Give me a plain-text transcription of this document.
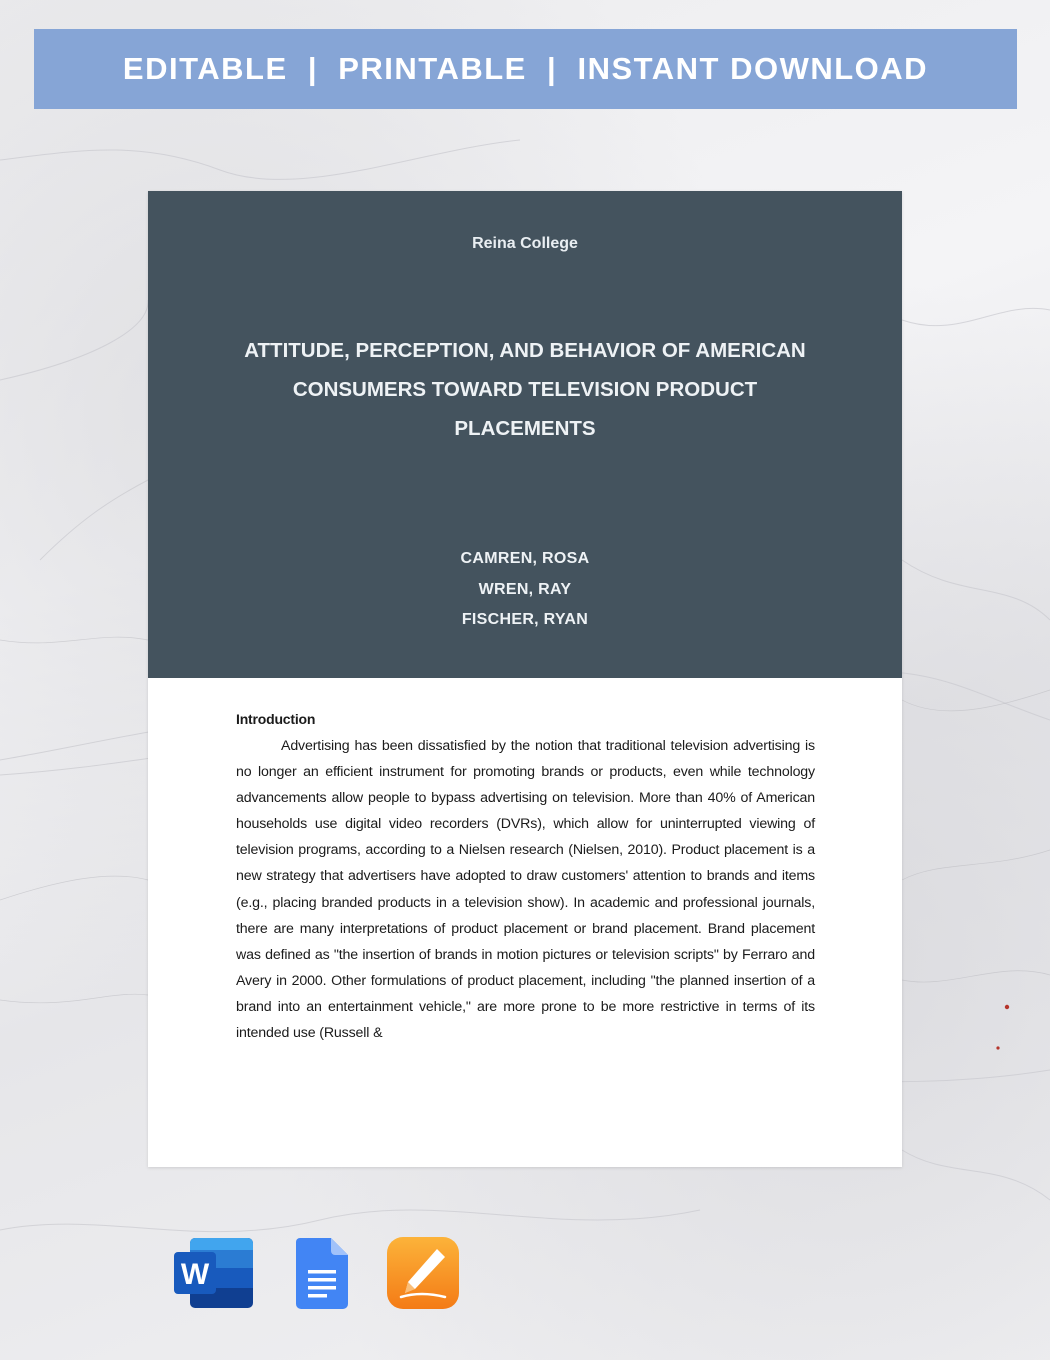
EDITABLE  |  PRINTABLE  |  INSTANT DOWNLOAD
Reina College
ATTITUDE, PERCEPTION, AND BEHAVIOR OF AMERICAN
CONSUMERS TOWARD TELEVISION PRODUCT
PLACEMENTS
CAMREN, ROSA
WREN, RAY
FISCHER, RYAN
Introduction

Advertising has been dissatisfied by the notion that traditional television advertising is no longer an efficient instrument for promoting brands or products, even while technology advancements allow people to bypass advertising on television. More than 40% of American households use digital video recorders (DVRs), which allow for uninterrupted viewing of television programs, according to a Nielsen research (Nielsen, 2010). Product placement is a new strategy that advertisers have adopted to draw customers' attention to brands and items (e.g., placing branded products in a television show). In academic and professional journals, there are many interpretations of product placement or brand placement. Brand placement was defined as "the insertion of brands in motion pictures or television scripts" by Ferraro and Avery in 2000. Other formulations of product placement, including "the planned insertion of a brand into an entertainment vehicle," are more prone to be more restrictive in terms of its intended use (Russell &

W
